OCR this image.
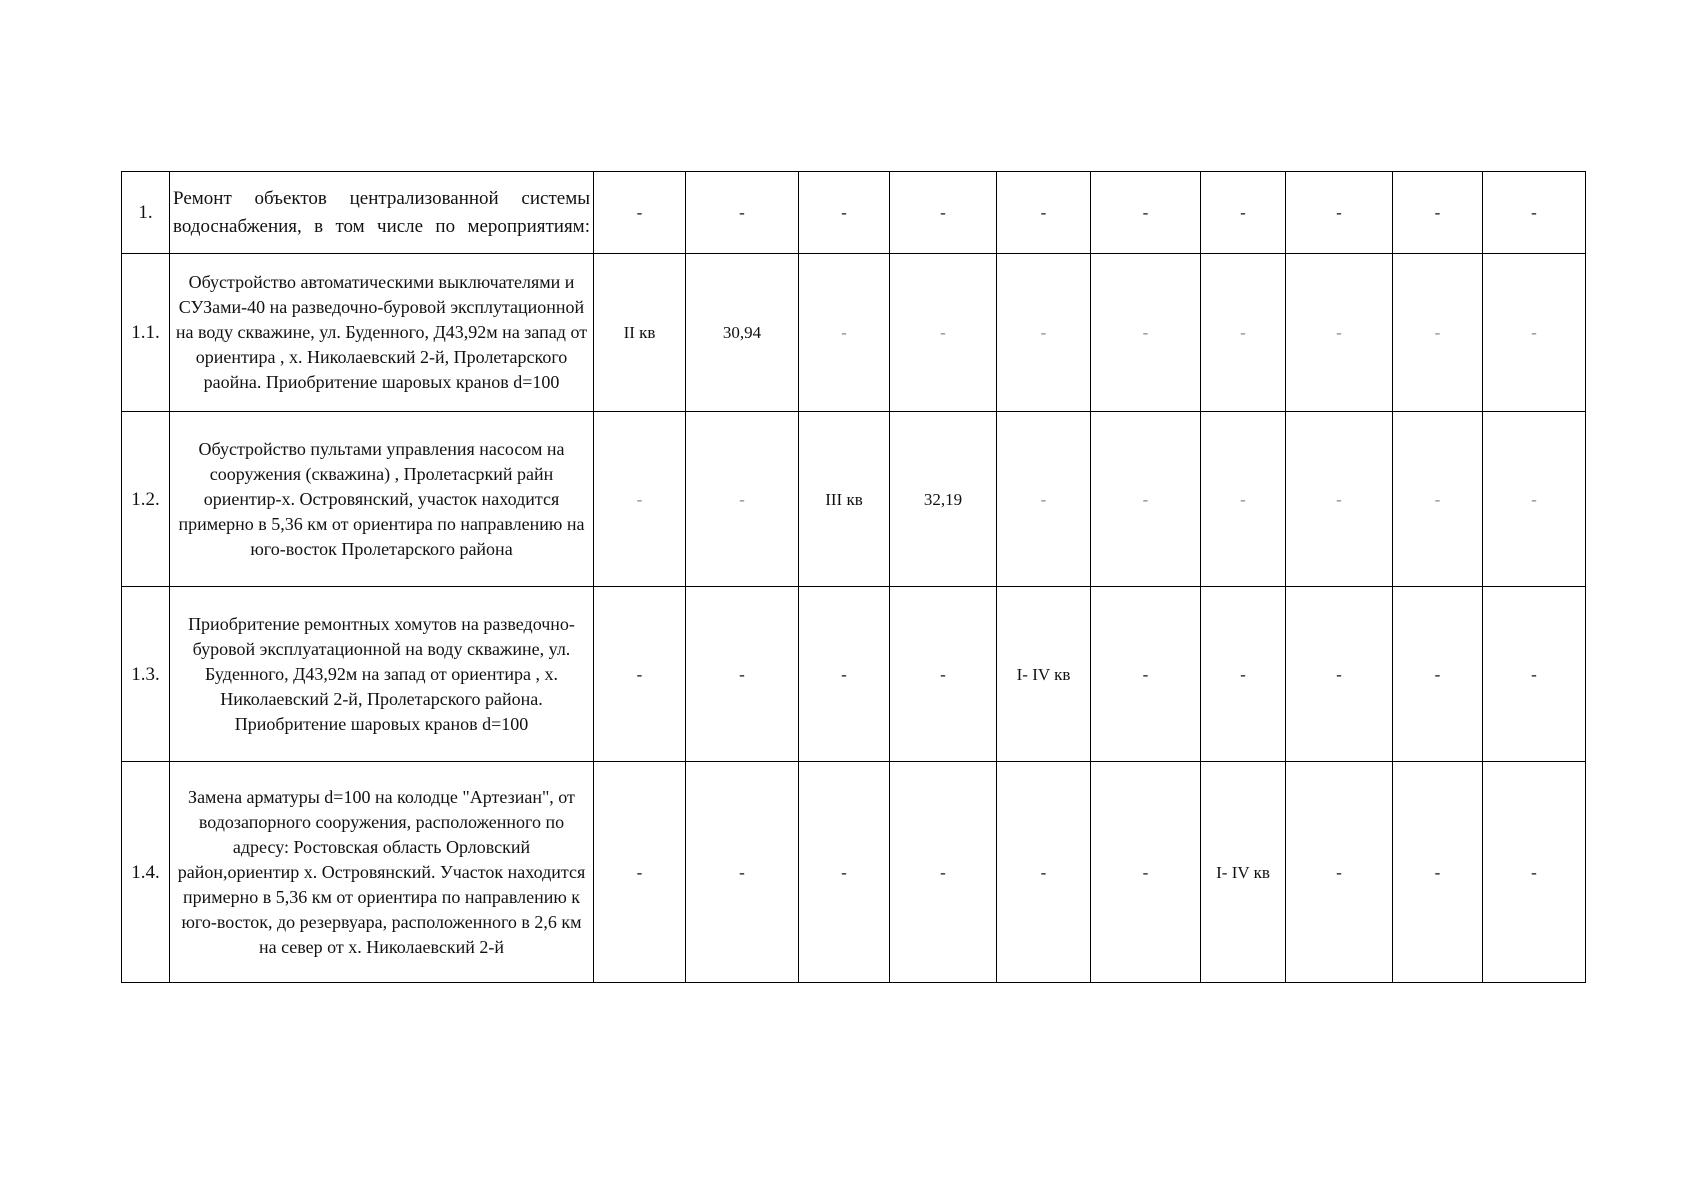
1.	Ремонт объектов централизованной системы водоснабжения, в том числе по мероприятиям:	-	-	-	-	-	-	-	-	-	-
1.1.	Обустройство автоматическими выключателями и СУЗами-40 на разведочно-буровой эксплутационной на воду скважине, ул. Буденного, Д43,92м на запад от ориентира , х. Николаевский 2-й, Пролетарского раойна. Приобритение шаровых кранов d=100	II кв	30,94	-	-	-	-	-	-	-	-
1.2.	Обустройство пультами управления насосом на сооружения (скважина) , Пролетасркий райн ориентир-х. Островянский, участок находится примерно в 5,36 км от ориентира по направлению на юго-восток Пролетарского района	-	-	III кв	32,19	-	-	-	-	-	-
1.3.	Приобритение ремонтных хомутов на разведочно-буровой эксплуатационной на воду скважине, ул. Буденного, Д43,92м на запад от ориентира , х. Николаевский 2-й, Пролетарского района. Приобритение шаровых кранов d=100	-	-	-	-	I- IV кв	-	-	-	-	-
1.4.	Замена арматуры d=100 на колодце "Артезиан", от водозапорного сооружения, расположенного по адресу: Ростовская область Орловский район,ориентир х. Островянский. Участок находится примерно в 5,36 км от ориентира по направлению к юго-восток, до резервуара, расположенного в 2,6 км на север от х. Николаевский 2-й	-	-	-	-	-	-	I- IV кв	-	-	-
